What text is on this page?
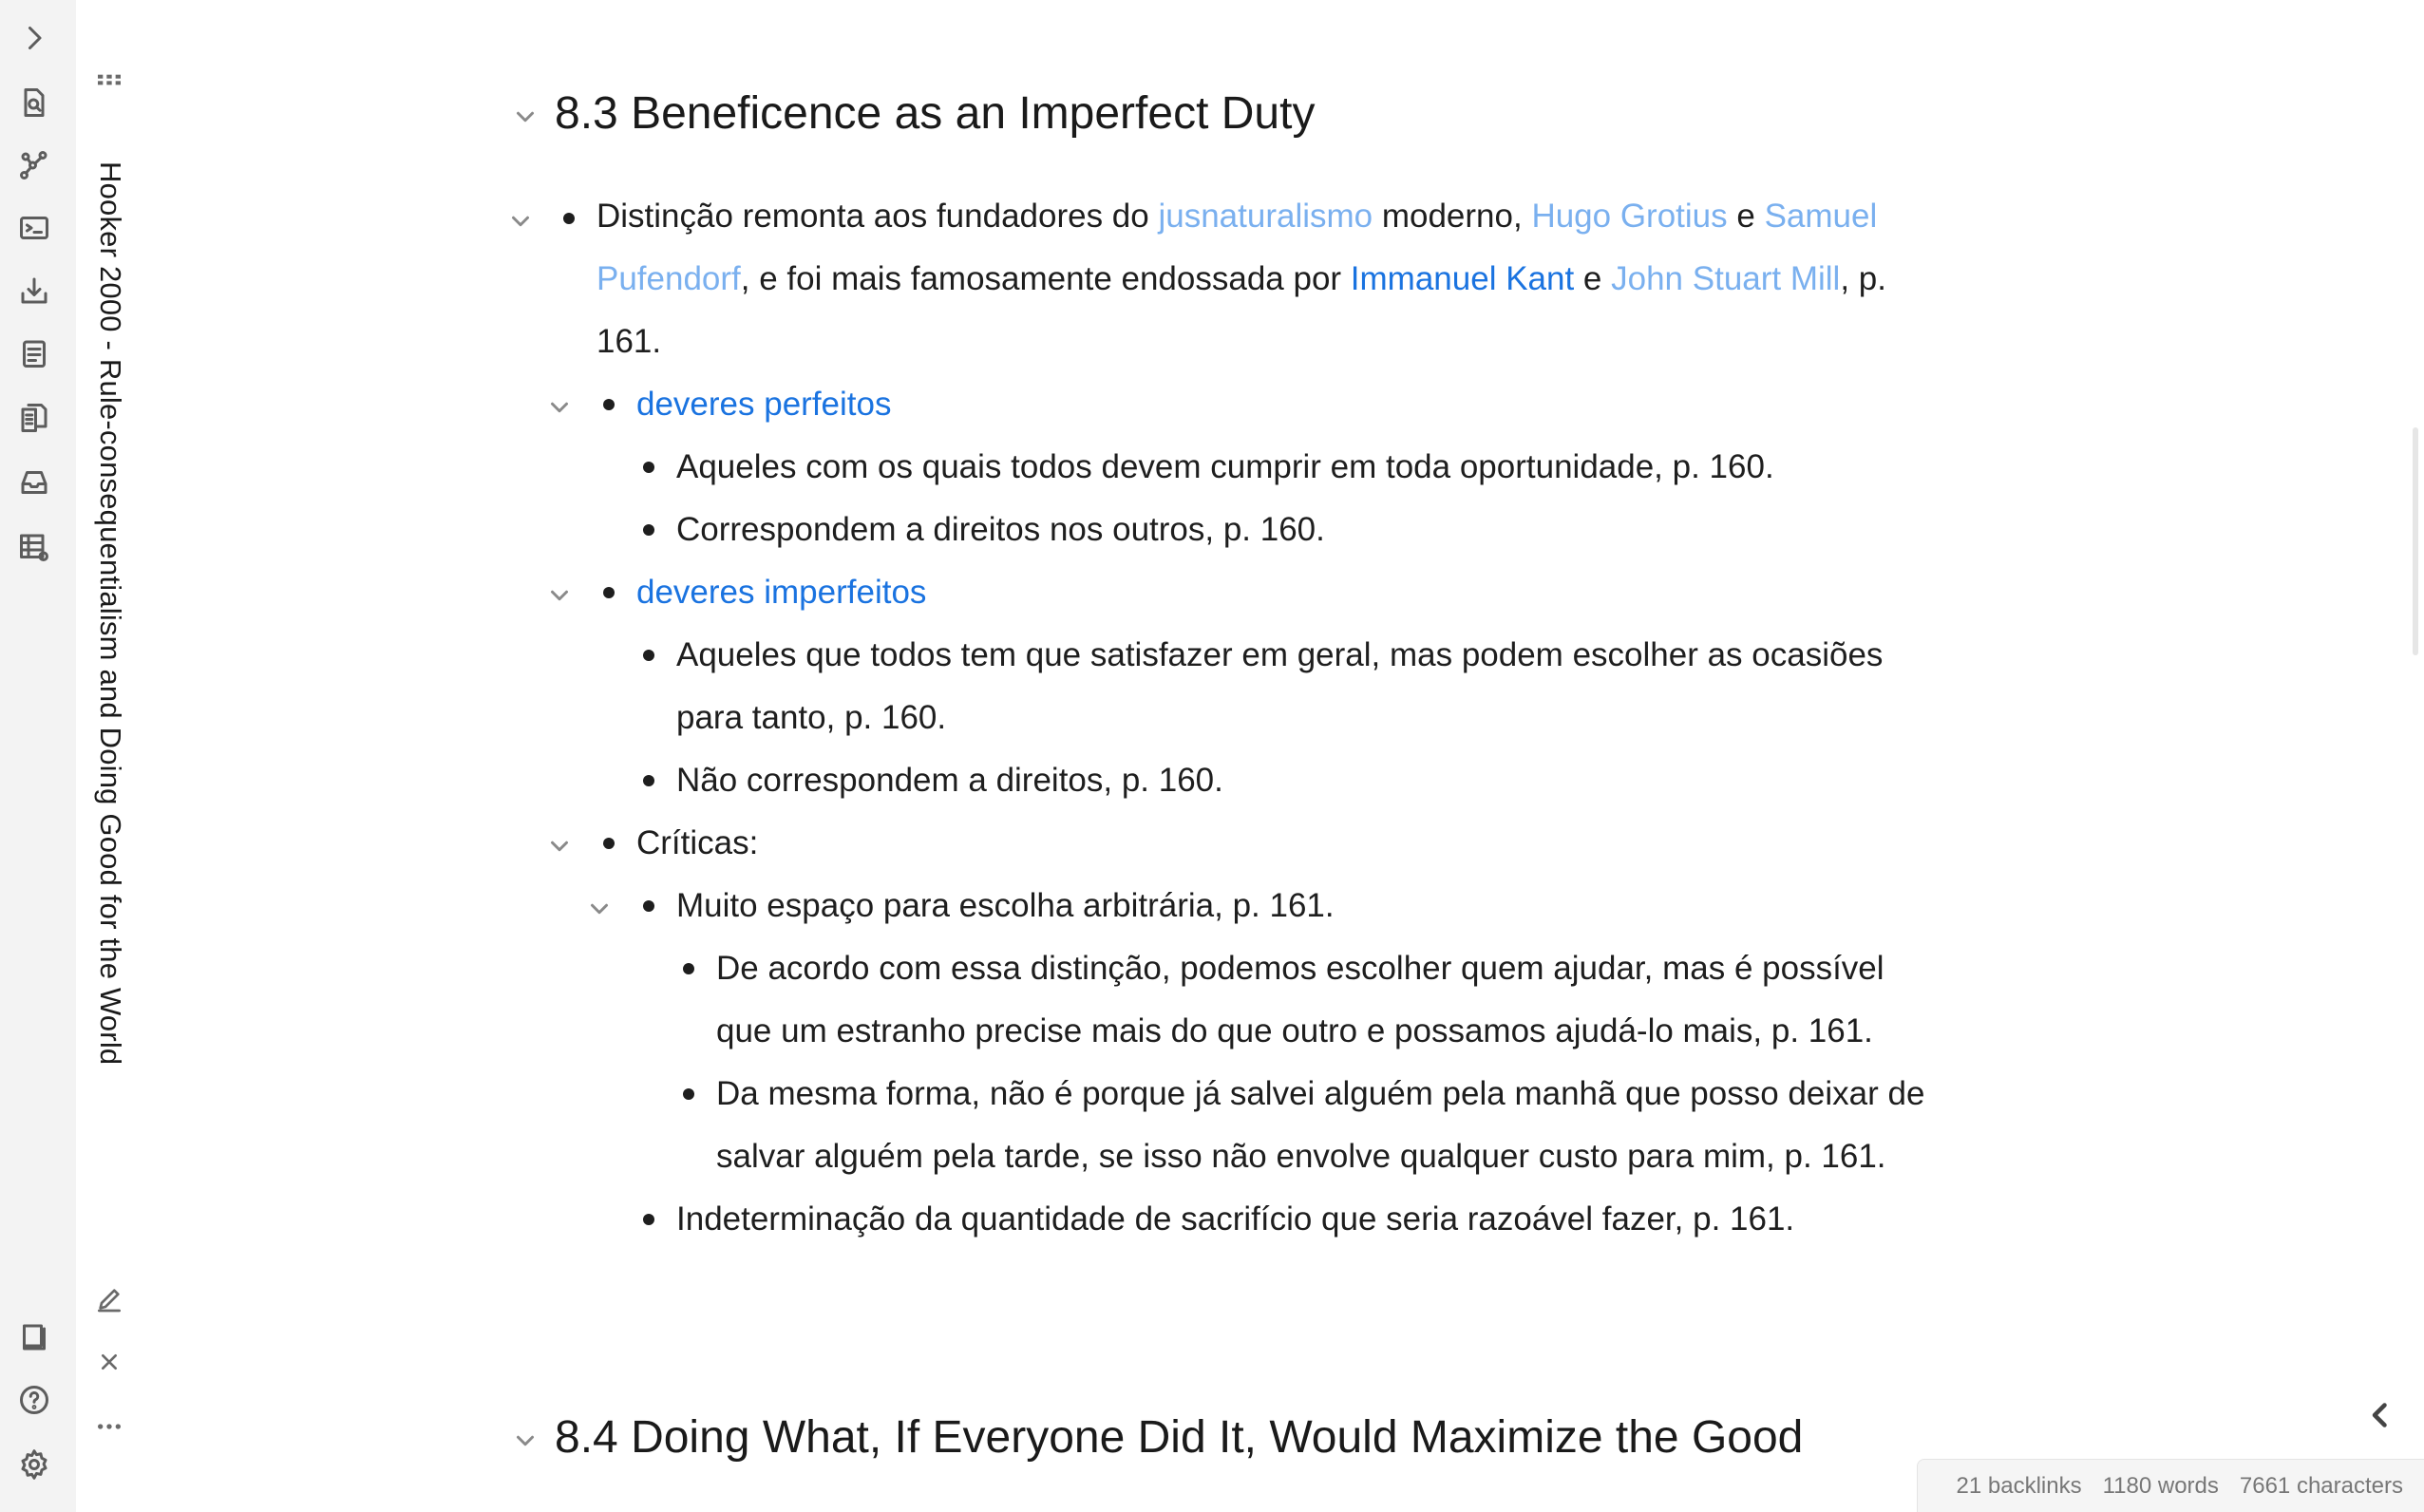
Hooker 2000 - Rule-consequentialism and Doing Good for the World
8.3 Beneficence as an Imperfect Duty
Distinção remonta aos fundadores do jusnaturalismo moderno, Hugo Grotius e Samuel
Pufendorf, e foi mais famosamente endossada por Immanuel Kant e John Stuart Mill, p.
161.
deveres perfeitos
Aqueles com os quais todos devem cumprir em toda oportunidade, p. 160.
Correspondem a direitos nos outros, p. 160.
deveres imperfeitos
Aqueles que todos tem que satisfazer em geral, mas podem escolher as ocasiões
para tanto, p. 160.
Não correspondem a direitos, p. 160.
Críticas:
Muito espaço para escolha arbitrária, p. 161.
De acordo com essa distinção, podemos escolher quem ajudar, mas é possível
que um estranho precise mais do que outro e possamos ajudá-lo mais, p. 161.
Da mesma forma, não é porque já salvei alguém pela manhã que posso deixar de
salvar alguém pela tarde, se isso não envolve qualquer custo para mim, p. 161.
Indeterminação da quantidade de sacrifício que seria razoável fazer, p. 161.
8.4 Doing What, If Everyone Did It, Would Maximize the Good
21 backlinks 1180 words 7661 characters
